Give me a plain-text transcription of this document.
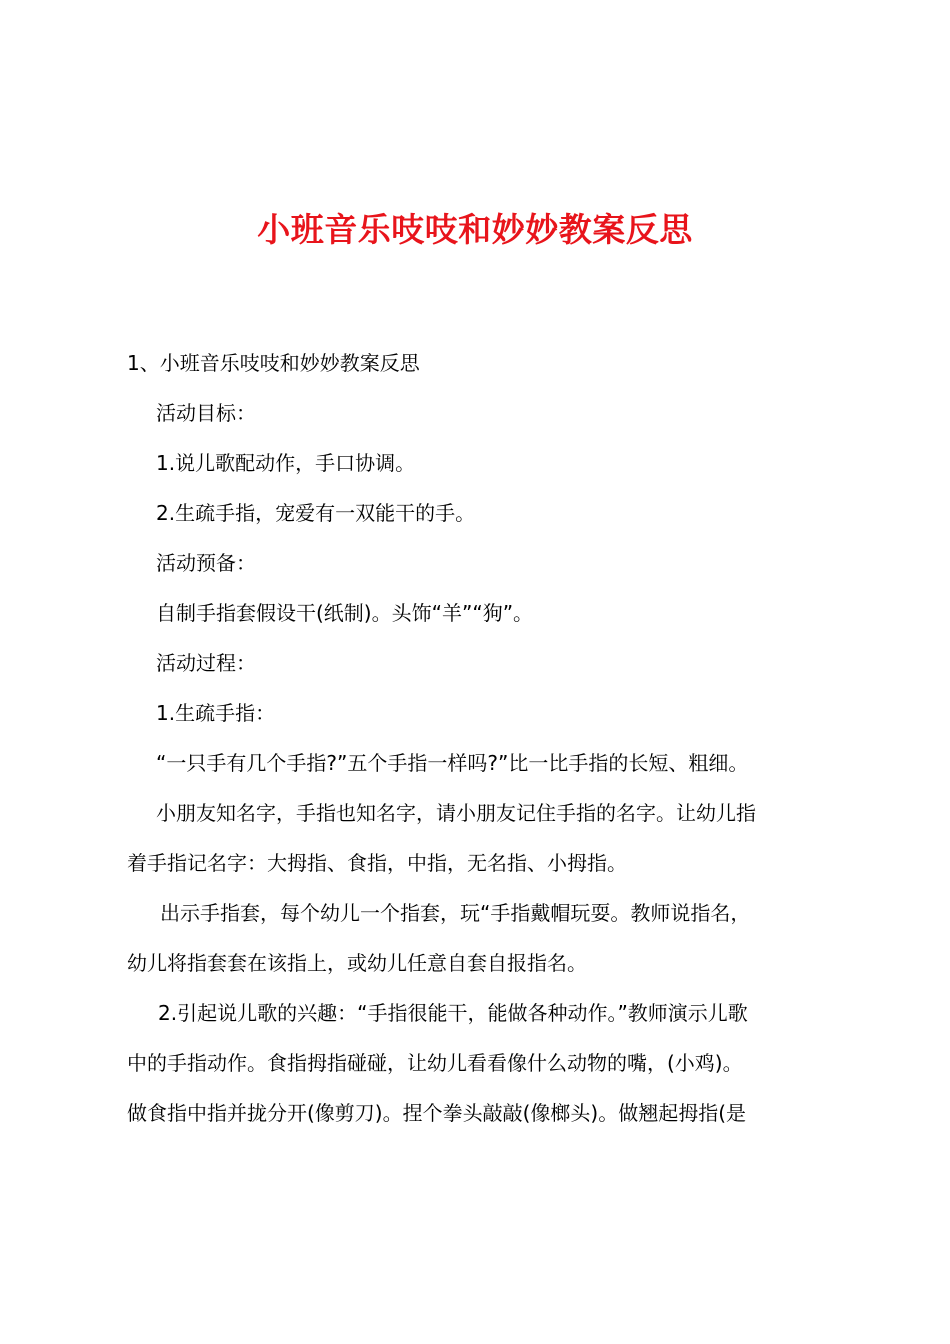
小班音乐吱吱和妙妙教案反思
1、小班音乐吱吱和妙妙教案反思
活动目标：
1.说儿歌配动作，手口协调。
2.生疏手指，宠爱有一双能干的手。
活动预备：
自制手指套假设干(纸制)。头饰“羊”“狗”。
活动过程：
1.生疏手指：
“一只手有几个手指?”五个手指一样吗?”比一比手指的长短、粗细。
小朋友知名字，手指也知名字，请小朋友记住手指的名字。让幼儿指
着手指记名字：大拇指、食指，中指，无名指、小拇指。
出示手指套，每个幼儿一个指套，玩“手指戴帽玩耍。教师说指名，
幼儿将指套套在该指上，或幼儿任意自套自报指名。
2.引起说儿歌的兴趣：“手指很能干，能做各种动作。”教师演示儿歌
中的手指动作。食指拇指碰碰，让幼儿看看像什么动物的嘴，(小鸡)。
做食指中指并拢分开(像剪刀)。捏个拳头敲敲(像榔头)。做翘起拇指(是
